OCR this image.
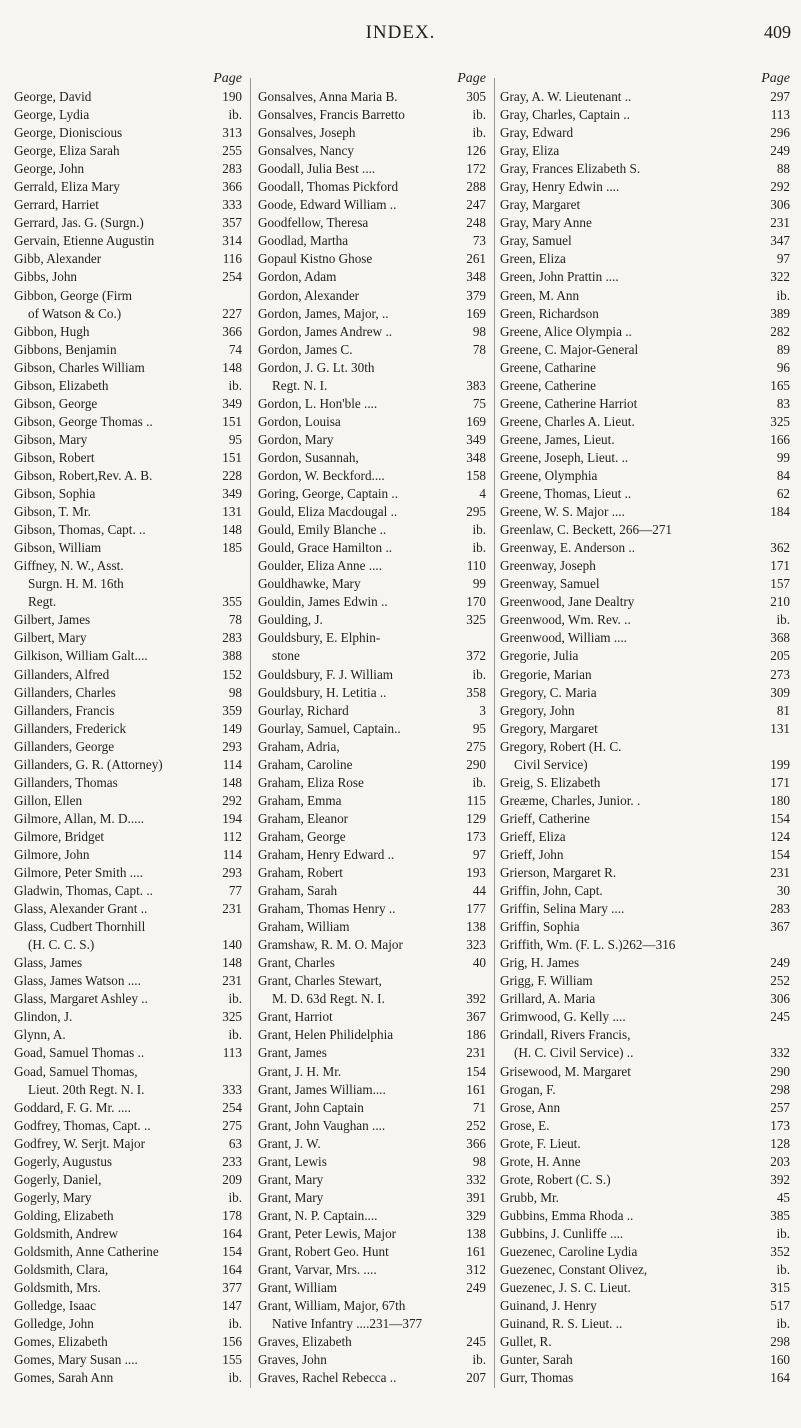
INDEX.	409
Page
George, David	190
George, Lydia	ib.
George, Dioniscious	313
George, Eliza Sarah	255
George, John	283
Gerrald, Eliza Mary	366
Gerrard, Harriet	333
Gerrard, Jas. G. (Surgn.)	357
Gervain, Etienne Augustin	314
Gibb, Alexander	116
Gibbs, John	254
Gibbon, George (Firm
of Watson & Co.)	227
Gibbon, Hugh	366
Gibbons, Benjamin	74
Gibson, Charles William	148
Gibson, Elizabeth	ib.
Gibson, George	349
Gibson, George Thomas ..	151
Gibson, Mary	95
Gibson, Robert	151
Gibson, Robert,Rev. A. B.	228
Gibson, Sophia	349
Gibson, T. Mr.	131
Gibson, Thomas, Capt. ..	148
Gibson, William	185
Giffney, N. W., Asst.
Surgn. H. M. 16th
Regt.	355
Gilbert, James	78
Gilbert, Mary	283
Gilkison, William Galt....	388
Gillanders, Alfred	152
Gillanders, Charles	98
Gillanders, Francis	359
Gillanders, Frederick	149
Gillanders, George	293
Gillanders, G. R. (Attorney)	114
Gillanders, Thomas	148
Gillon, Ellen	292
Gilmore, Allan, M. D.....	194
Gilmore, Bridget	112
Gilmore, John	114
Gilmore, Peter Smith ....	293
Gladwin, Thomas, Capt. ..	77
Glass, Alexander Grant ..	231
Glass, Cudbert Thornhill
(H. C. C. S.)	140
Glass, James	148
Glass, James Watson ....	231
Glass, Margaret Ashley ..	ib.
Glindon, J.	325
Glynn, A.	ib.
Goad, Samuel Thomas ..	113
Goad, Samuel Thomas,
Lieut. 20th Regt. N. I.	333
Goddard, F. G. Mr. ....	254
Godfrey, Thomas, Capt. ..	275
Godfrey, W. Serjt. Major	63
Gogerly, Augustus	233
Gogerly, Daniel,	209
Gogerly, Mary	ib.
Golding, Elizabeth	178
Goldsmith, Andrew	164
Goldsmith, Anne Catherine	154
Goldsmith, Clara,	164
Goldsmith, Mrs.	377
Golledge, Isaac	147
Golledge, John	ib.
Gomes, Elizabeth	156
Gomes, Mary Susan ....	155
Gomes, Sarah Ann	ib.
Page
Gonsalves, Anna Maria B.	305
Gonsalves, Francis Barretto	ib.
Gonsalves, Joseph	ib.
Gonsalves, Nancy	126
Goodall, Julia Best ....	172
Goodall, Thomas Pickford	288
Goode, Edward William ..	247
Goodfellow, Theresa	248
Goodlad, Martha	73
Gopaul Kistno Ghose	261
Gordon, Adam	348
Gordon, Alexander	379
Gordon, James, Major, ..	169
Gordon, James Andrew ..	98
Gordon, James C.	78
Gordon, J. G. Lt. 30th
Regt. N. I.	383
Gordon, L. Hon'ble ....	75
Gordon, Louisa	169
Gordon, Mary	349
Gordon, Susannah,	348
Gordon, W. Beckford....	158
Goring, George, Captain ..	4
Gould, Eliza Macdougal ..	295
Gould, Emily Blanche ..	ib.
Gould, Grace Hamilton ..	ib.
Goulder, Eliza Anne ....	110
Gouldhawke, Mary	99
Gouldin, James Edwin ..	170
Goulding, J.	325
Gouldsbury, E. Elphin-
stone	372
Gouldsbury, F. J. William	ib.
Gouldsbury, H. Letitia ..	358
Gourlay, Richard	3
Gourlay, Samuel, Captain..	95
Graham, Adria,	275
Graham, Caroline	290
Graham, Eliza Rose	ib.
Graham, Emma	115
Graham, Eleanor	129
Graham, George	173
Graham, Henry Edward ..	97
Graham, Robert	193
Graham, Sarah	44
Graham, Thomas Henry ..	177
Graham, William	138
Gramshaw, R. M. O. Major	323
Grant, Charles	40
Grant, Charles Stewart,
M. D. 63d Regt. N. I.	392
Grant, Harriot	367
Grant, Helen Philidelphia	186
Grant, James	231
Grant, J. H. Mr.	154
Grant, James William....	161
Grant, John Captain	71
Grant, John Vaughan ....	252
Grant, J. W.	366
Grant, Lewis	98
Grant, Mary	332
Grant, Mary	391
Grant, N. P. Captain....	329
Grant, Peter Lewis, Major	138
Grant, Robert Geo. Hunt	161
Grant, Varvar, Mrs. ....	312
Grant, William	249
Grant, William, Major, 67th
Native Infantry ....231—377
Graves, Elizabeth	245
Graves, John	ib.
Graves, Rachel Rebecca ..	207
Page
Gray, A. W. Lieutenant ..	297
Gray, Charles, Captain ..	113
Gray, Edward	296
Gray, Eliza	249
Gray, Frances Elizabeth S.	88
Gray, Henry Edwin ....	292
Gray, Margaret	306
Gray, Mary Anne	231
Gray, Samuel	347
Green, Eliza	97
Green, John Prattin ....	322
Green, M. Ann	ib.
Green, Richardson	389
Greene, Alice Olympia ..	282
Greene, C. Major-General	89
Greene, Catharine	96
Greene, Catherine	165
Greene, Catherine Harriot	83
Greene, Charles A. Lieut.	325
Greene, James, Lieut.	166
Greene, Joseph, Lieut. ..	99
Greene, Olymphia	84
Greene, Thomas, Lieut ..	62
Greene, W. S. Major ....	184
Greenlaw, C. Beckett, 266—271
Greenway, E. Anderson ..	362
Greenway, Joseph	171
Greenway, Samuel	157
Greenwood, Jane Dealtry	210
Greenwood, Wm. Rev. ..	ib.
Greenwood, William ....	368
Gregorie, Julia	205
Gregorie, Marian	273
Gregory, C. Maria	309
Gregory, John	81
Gregory, Margaret	131
Gregory, Robert (H. C.
Civil Service)	199
Greig, S. Elizabeth	171
Greæme, Charles, Junior. .	180
Grieff, Catherine	154
Grieff, Eliza	124
Grieff, John	154
Grierson, Margaret R.	231
Griffin, John, Capt.	30
Griffin, Selina Mary ....	283
Griffin, Sophia	367
Griffith, Wm. (F. L. S.)262—316
Grig, H. James	249
Grigg, F. William	252
Grillard, A. Maria	306
Grimwood, G. Kelly ....	245
Grindall, Rivers Francis,
(H. C. Civil Service) ..	332
Grisewood, M. Margaret	290
Grogan, F.	298
Grose, Ann	257
Grose, E.	173
Grote, F. Lieut.	128
Grote, H. Anne	203
Grote, Robert (C. S.)	392
Grubb, Mr.	45
Gubbins, Emma Rhoda ..	385
Gubbins, J. Cunliffe ....	ib.
Guezenec, Caroline Lydia	352
Guezenec, Constant Olivez,	ib.
Guezenec, J. S. C. Lieut.	315
Guinand, J. Henry	517
Guinand, R. S. Lieut. ..	ib.
Gullet, R.	298
Gunter, Sarah	160
Gurr, Thomas	164
